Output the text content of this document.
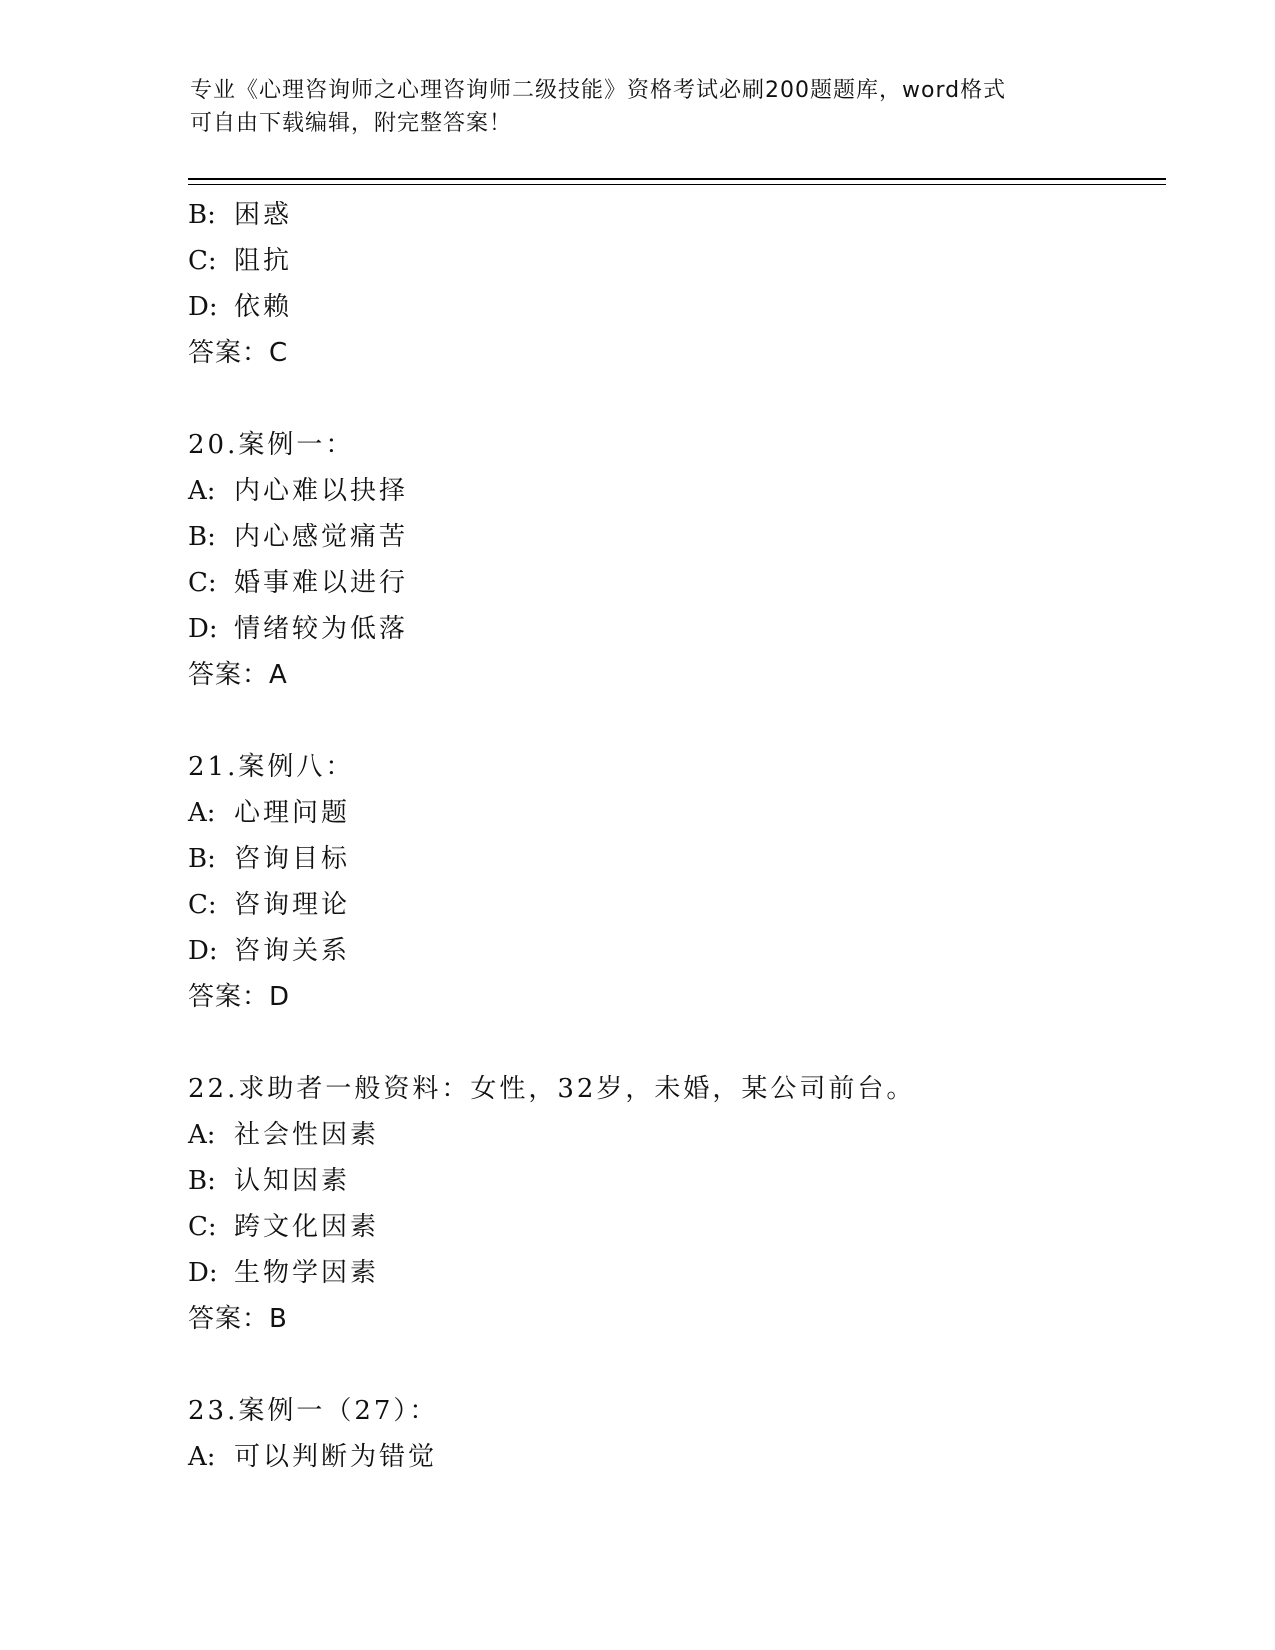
专业《心理咨询师之心理咨询师二级技能》资格考试必刷200题题库，word格式
可自由下载编辑，附完整答案！
B: 困惑
C: 阻抗
D: 依赖
答案：C
20.案例一：
A: 内心难以抉择
B: 内心感觉痛苦
C: 婚事难以进行
D: 情绪较为低落
答案：A
21.案例八：
A: 心理问题
B: 咨询目标
C: 咨询理论
D: 咨询关系
答案：D
22.求助者一般资料：女性，32岁，未婚，某公司前台。
A: 社会性因素
B: 认知因素
C: 跨文化因素
D: 生物学因素
答案：B
23.案例一（27）：
A: 可以判断为错觉
